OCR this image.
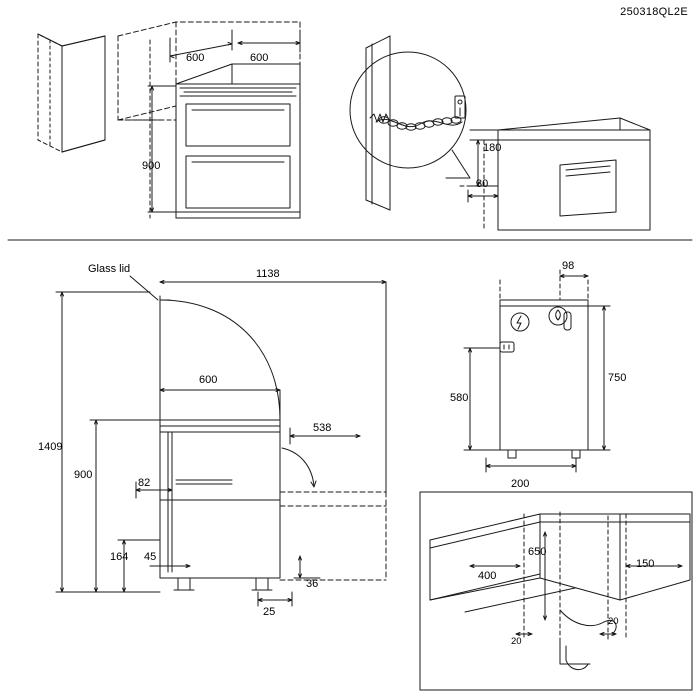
250318QL2E
600	600
900
180
30
Glass lid	1138
600
538
1409
900
164 45
82
36
25
98
750
580
200
400
650
150
20
20
